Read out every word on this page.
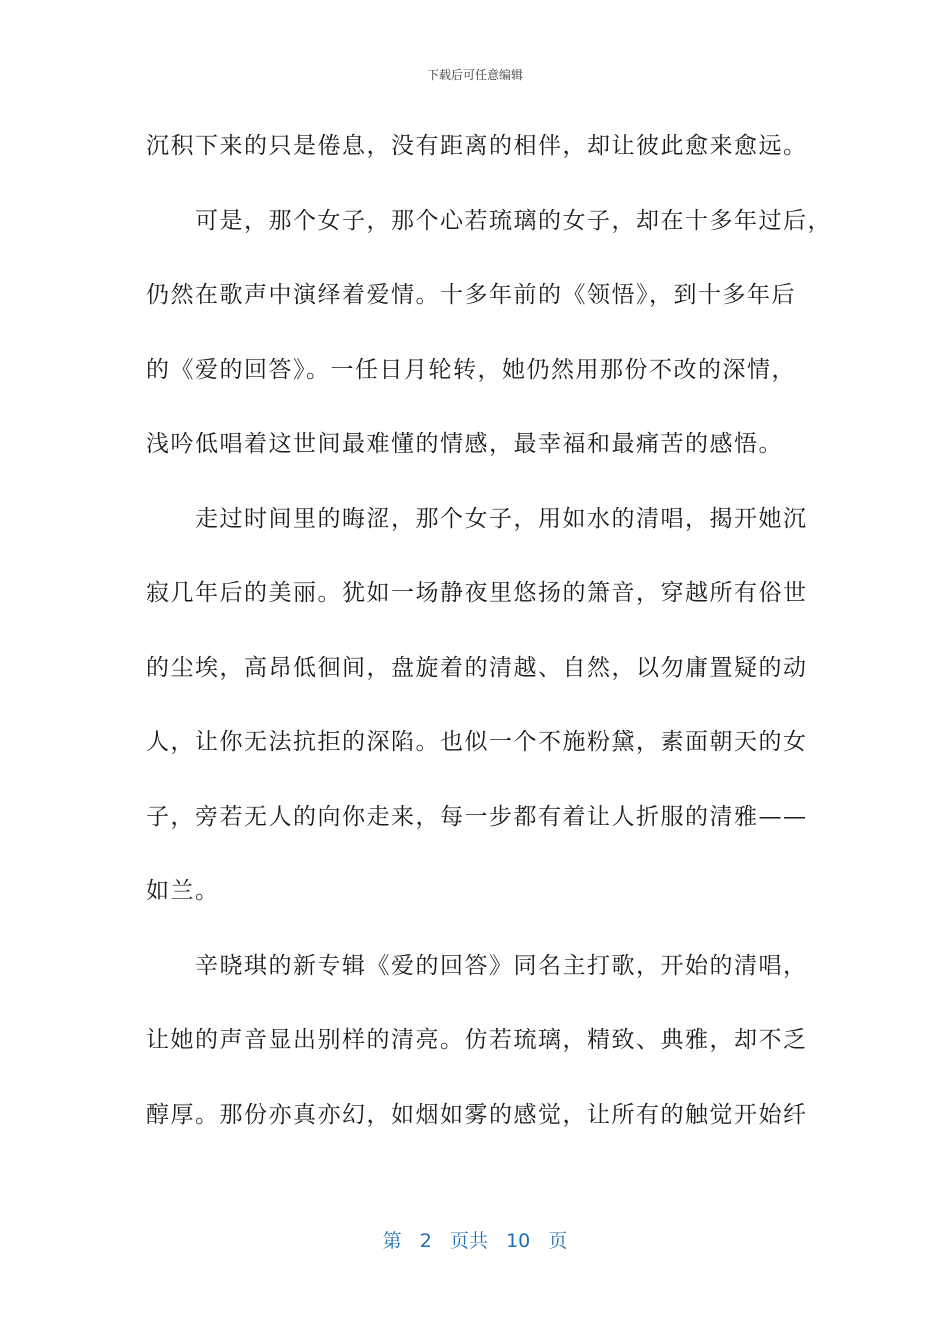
下载后可任意编辑
沉积下来的只是倦息，没有距离的相伴，却让彼此愈来愈远。
　　可是，那个女子，那个心若琉璃的女子，却在十多年过后，
仍然在歌声中演绎着爱情。十多年前的《领悟》，到十多年后
的《爱的回答》。一任日月轮转，她仍然用那份不改的深情，
浅吟低唱着这世间最难懂的情感，最幸福和最痛苦的感悟。
　　走过时间里的晦涩，那个女子，用如水的清唱，揭开她沉
寂几年后的美丽。犹如一场静夜里悠扬的箫音，穿越所有俗世
的尘埃，高昂低徊间，盘旋着的清越、自然，以勿庸置疑的动
人，让你无法抗拒的深陷。也似一个不施粉黛，素面朝天的女
子，旁若无人的向你走来，每一步都有着让人折服的清雅——
如兰。
　　辛晓琪的新专辑《爱的回答》同名主打歌，开始的清唱，
让她的声音显出别样的清亮。仿若琉璃，精致、典雅，却不乏
醇厚。那份亦真亦幻，如烟如雾的感觉，让所有的触觉开始纤
第 2 页共 10 页
